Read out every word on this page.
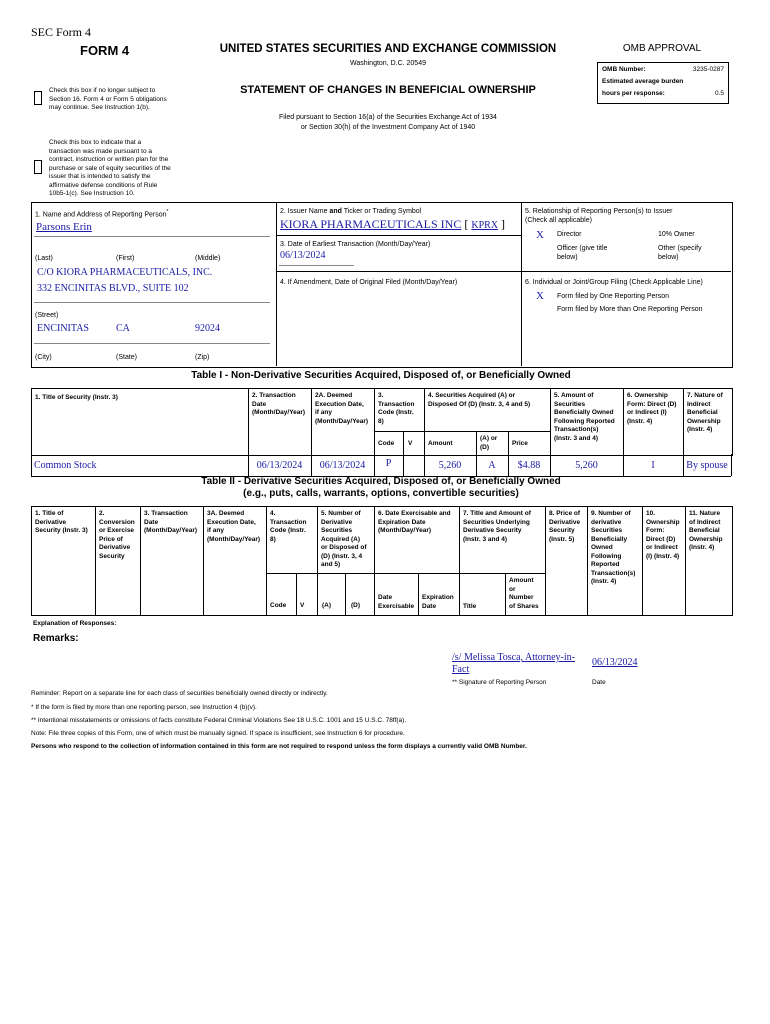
SEC Form 4
FORM 4	UNITED STATES SECURITIES AND EXCHANGE COMMISSION
Washington, D.C. 20549
STATEMENT OF CHANGES IN BENEFICIAL OWNERSHIP
Filed pursuant to Section 16(a) of the Securities Exchange Act of 1934
or Section 30(h) of the Investment Company Act of 1940
OMB APPROVAL
OMB Number:	3235-0287
Estimated average burden
hours per response:	0.5
Check this box if no longer subject to
Section 16. Form 4 or Form 5 obligations
may continue. See Instruction 1(b).
Check this box to indicate that a
transaction was made pursuant to a
contract, instruction or written plan for the
purchase or sale of equity securities of the
issuer that is intended to satisfy the
affirmative defense conditions of Rule
10b5-1(c). See Instruction 10.
1. Name and Address of Reporting Person*
Parsons Erin
(Last)	(First)	(Middle)
C/O KIORA PHARMACEUTICALS, INC.
332 ENCINITAS BLVD., SUITE 102
(Street)
ENCINITAS	CA	92024
(City)	(State)	(Zip)
2. Issuer Name and Ticker or Trading Symbol
KIORA PHARMACEUTICALS INC [ KPRX ]
3. Date of Earliest Transaction (Month/Day/Year)
06/13/2024
4. If Amendment, Date of Original Filed (Month/Day/Year)
5. Relationship of Reporting Person(s) to Issuer
(Check all applicable)
X Director	10% Owner
Officer (give title
below)
Other (specify
below)
6. Individual or Joint/Group Filing (Check Applicable Line)
X Form filed by One Reporting Person
Form filed by More than One Reporting Person
Table I - Non-Derivative Securities Acquired, Disposed of, or Beneficially Owned
1. Title of Security (Instr. 3)	2. Transaction
Date
(Month/Day/Year)
2A. Deemed
Execution Date,
if any
(Month/Day/Year)
3.
Transaction
Code (Instr.
8)
4. Securities Acquired (A) or
Disposed Of (D) (Instr. 3, 4 and 5)
5. Amount of
Securities
Beneficially Owned
Following Reported
Transaction(s)
(Instr. 3 and 4)
6. Ownership
Form: Direct (D)
or Indirect (I)
(Instr. 4)
7. Nature of
Indirect
Beneficial
Ownership
(Instr. 4)
Code V Amount
(A) or
(D)	Price
Common Stock	06/13/2024	06/13/2024	P	5,260	A	$4.88	5,260	I	By spouse
Table II - Derivative Securities Acquired, Disposed of, or Beneficially Owned
(e.g., puts, calls, warrants, options, convertible securities)
1. Title of
Derivative
Security (Instr. 3)
2.
Conversion
or Exercise
Price of
Derivative
Security
3. Transaction
Date
(Month/Day/Year)
3A. Deemed
Execution Date,
if any
(Month/Day/Year)
4.
Transaction
Code (Instr.
8)
5. Number of
Derivative
Securities
Acquired (A)
or Disposed of
(D) (Instr. 3, 4
and 5)
6. Date Exercisable and
Expiration Date
(Month/Day/Year)
7. Title and Amount of
Securities Underlying
Derivative Security
(Instr. 3 and 4)
8. Price of
Derivative
Security
(Instr. 5)
9. Number of
derivative
Securities
Beneficially
Owned
Following
Reported
Transaction(s)
(Instr. 4)
10.
Ownership
Form:
Direct (D)
or Indirect
(I) (Instr. 4)
11. Nature
of Indirect
Beneficial
Ownership
(Instr. 4)
Code V	(A)	(D)
Date
Exercisable
Expiration
Date	Title
Amount
or
Number
of Shares
Explanation of Responses:
Remarks:
/s/ Melissa Tosca, Attorney-in-
Fact
06/13/2024
** Signature of Reporting Person	Date
Reminder: Report on a separate line for each class of securities beneficially owned directly or indirectly.
* If the form is filed by more than one reporting person, see Instruction 4 (b)(v).
** Intentional misstatements or omissions of facts constitute Federal Criminal Violations See 18 U.S.C. 1001 and 15 U.S.C. 78ff(a).
Note: File three copies of this Form, one of which must be manually signed. If space is insufficient, see Instruction 6 for procedure.
Persons who respond to the collection of information contained in this form are not required to respond unless the form displays a currently valid OMB Number.
